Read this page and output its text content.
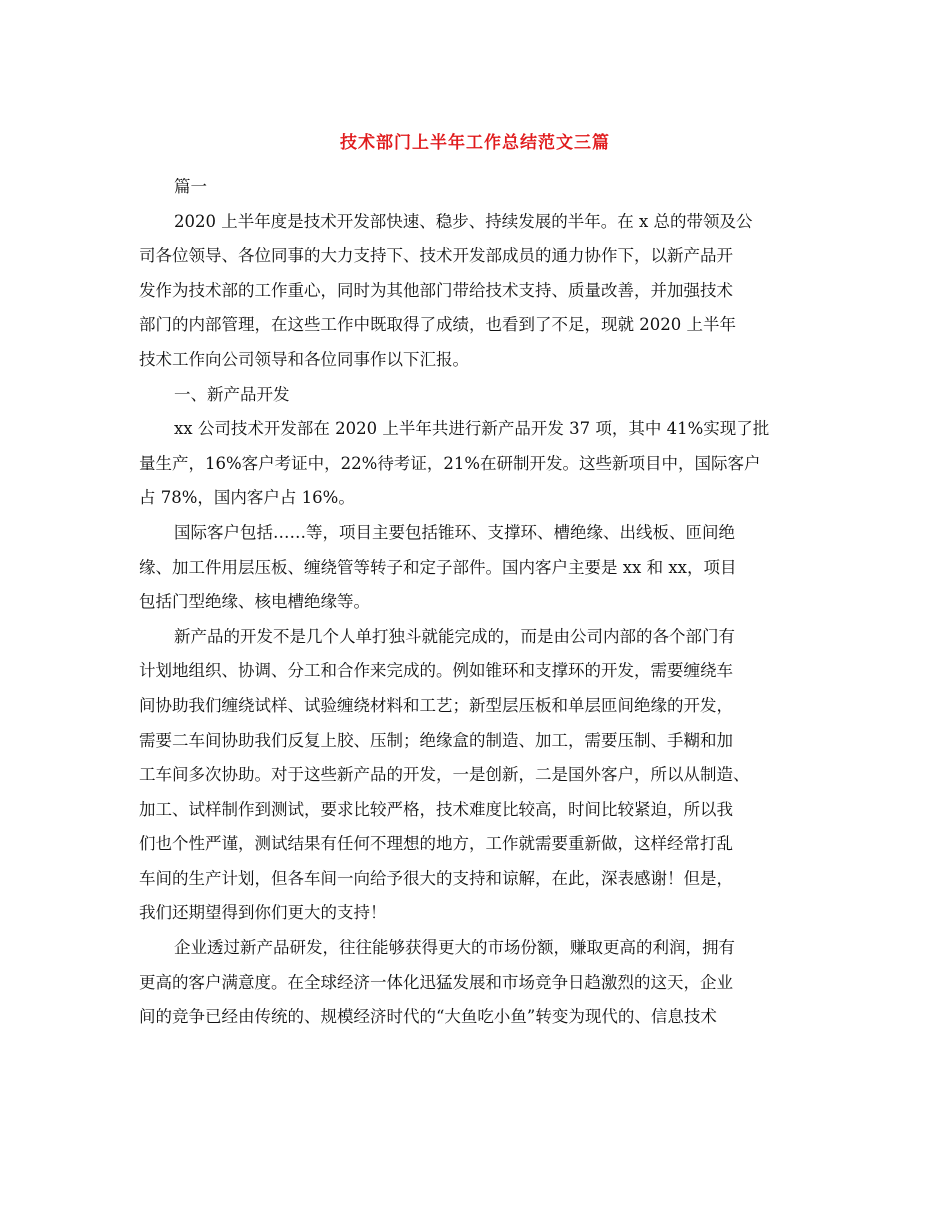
技术部门上半年工作总结范文三篇

篇一

2020 上半年度是技术开发部快速、稳步、持续发展的半年。在 x 总的带领及公
司各位领导、各位同事的大力支持下、技术开发部成员的通力协作下，以新产品开
发作为技术部的工作重心，同时为其他部门带给技术支持、质量改善，并加强技术
部门的内部管理，在这些工作中既取得了成绩，也看到了不足，现就 2020 上半年
技术工作向公司领导和各位同事作以下汇报。

一、新产品开发

xx 公司技术开发部在 2020 上半年共进行新产品开发 37 项，其中 41%实现了批
量生产，16%客户考证中，22%待考证，21%在研制开发。这些新项目中，国际客户
占 78%，国内客户占 16%。

国际客户包括……等，项目主要包括锥环、支撑环、槽绝缘、出线板、匝间绝
缘、加工件用层压板、缠绕管等转子和定子部件。国内客户主要是 xx 和 xx，项目
包括门型绝缘、核电槽绝缘等。

新产品的开发不是几个人单打独斗就能完成的，而是由公司内部的各个部门有
计划地组织、协调、分工和合作来完成的。例如锥环和支撑环的开发，需要缠绕车
间协助我们缠绕试样、试验缠绕材料和工艺；新型层压板和单层匝间绝缘的开发，
需要二车间协助我们反复上胶、压制；绝缘盒的制造、加工，需要压制、手糊和加
工车间多次协助。对于这些新产品的开发，一是创新，二是国外客户，所以从制造、
加工、试样制作到测试，要求比较严格，技术难度比较高，时间比较紧迫，所以我
们也个性严谨，测试结果有任何不理想的地方，工作就需要重新做，这样经常打乱
车间的生产计划，但各车间一向给予很大的支持和谅解，在此，深表感谢！但是，
我们还期望得到你们更大的支持！

企业透过新产品研发，往往能够获得更大的市场份额，赚取更高的利润，拥有
更高的客户满意度。在全球经济一体化迅猛发展和市场竞争日趋激烈的这天，企业
间的竞争已经由传统的、规模经济时代的“大鱼吃小鱼”转变为现代的、信息技术
